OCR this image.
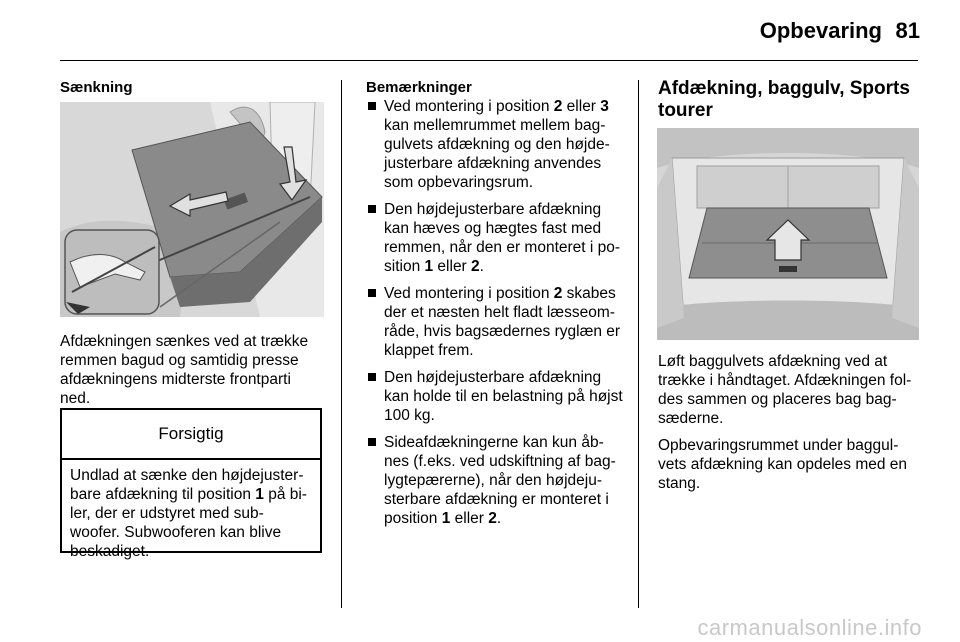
Opbevaring 81
Sænkning

Afdækningen sænkes ved at trække remmen bagud og samtidig presse afdækningens midterste frontparti ned.

Forsigtig
Undlad at sænke den højdejuster-bare afdækning til position 1 på bi-ler, der er udstyret med sub-woofer. Subwooferen kan blive beskadiget.
Bemærkninger
Ved montering i position 2 eller 3 kan mellemrummet mellem bag-gulvets afdækning og den højde-justerbare afdækning anvendes som opbevaringsrum.
Den højdejusterbare afdækning kan hæves og hægtes fast med remmen, når den er monteret i po-sition 1 eller 2.
Ved montering i position 2 skabes der et næsten helt fladt læsseom-råde, hvis bagsædernes ryglæn er klappet frem.
Den højdejusterbare afdækning kan holde til en belastning på højst 100 kg.
Sideafdækningerne kan kun åb-nes (f.eks. ved udskiftning af bag-lygtepærerne), når den højdeju-sterbare afdækning er monteret i position 1 eller 2.
Afdækning, baggulv, Sports tourer

Løft baggulvets afdækning ved at trække i håndtaget. Afdækningen fol-des sammen og placeres bag bag-sæderne.

Opbevaringsrummet under baggul-vets afdækning kan opdeles med en stang.

carmanualsonline.info
